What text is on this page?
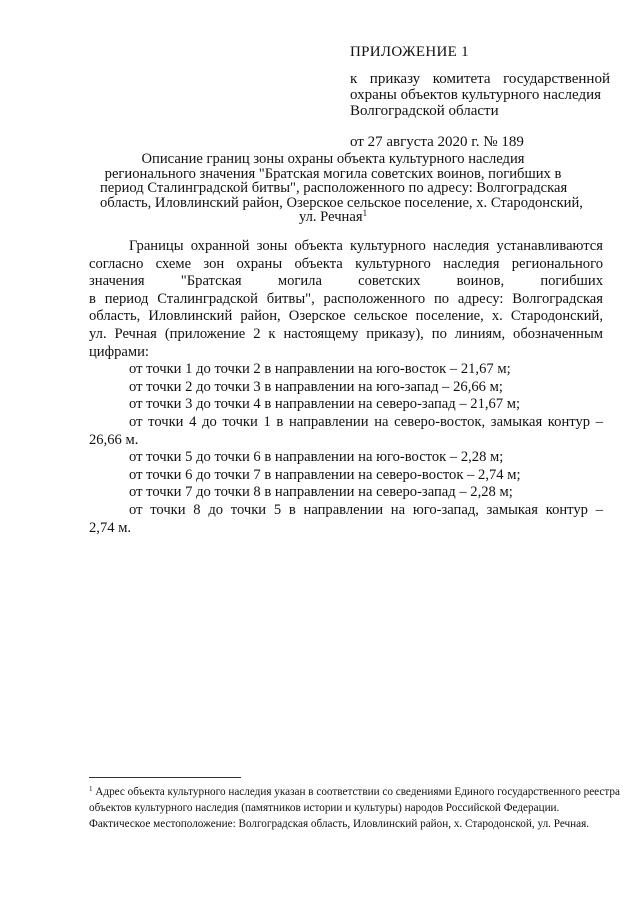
ПРИЛОЖЕНИЕ 1
к приказу комитета государственной
охраны объектов культурного наследия
Волгоградской области
от 27 августа 2020 г. № 189
Описание границ зоны охраны объекта культурного наследия
регионального значения "Братская могила советских воинов, погибших в
период Сталинградской битвы", расположенного по адресу: Волгоградская
область, Иловлинский район, Озерское сельское поселение, х. Стародонский,
ул. Речная$^1$
Границы охранной зоны объекта культурного наследия устанавливаются
согласно схеме зон охраны объекта культурного наследия регионального
значения "Братская могила советских воинов, погибших
в период Сталинградской битвы", расположенного по адресу: Волгоградская
область, Иловлинский район, Озерское сельское поселение, х. Стародонский,
ул. Речная (приложение 2 к настоящему приказу), по линиям, обозначенным
цифрами:
от точки 1 до точки 2 в направлении на юго-восток – 21,67 м;
от точки 2 до точки 3 в направлении на юго-запад – 26,66 м;
от точки 3 до точки 4 в направлении на северо-запад – 21,67 м;
от точки 4 до точки 1 в направлении на северо-восток, замыкая контур –
26,66 м.
от точки 5 до точки 6 в направлении на юго-восток – 2,28 м;
от точки 6 до точки 7 в направлении на северо-восток – 2,74 м;
от точки 7 до точки 8 в направлении на северо-запад – 2,28 м;
от точки 8 до точки 5 в направлении на юго-запад, замыкая контур –
2,74 м.
$^1$ Адрес объекта культурного наследия указан в соответствии со сведениями Единого государственного реестра
объектов культурного наследия (памятников истории и культуры) народов Российской Федерации.
Фактическое местоположение: Волгоградская область, Иловлинский район, х. Стародонской, ул. Речная.
